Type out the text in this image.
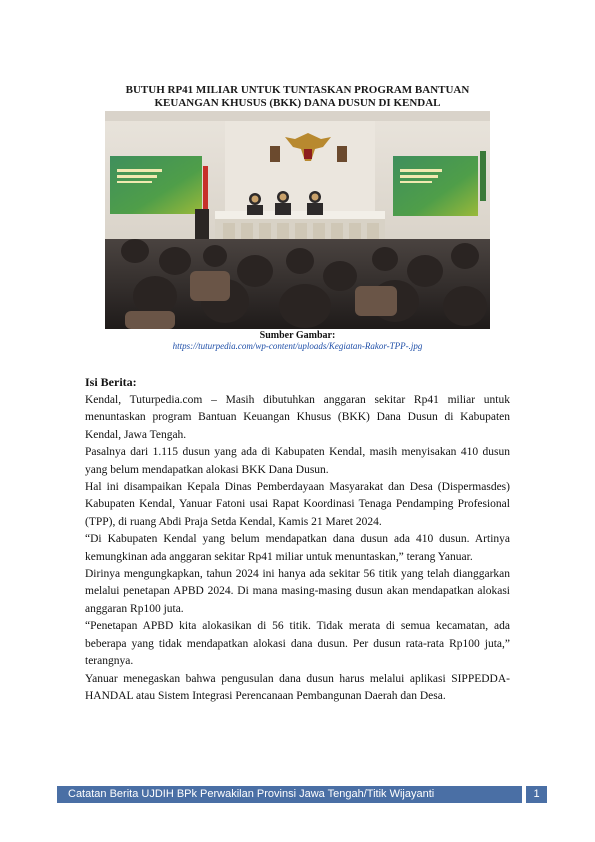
BUTUH RP41 MILIAR UNTUK TUNTASKAN PROGRAM BANTUAN
KEUANGAN KHUSUS (BKK) DANA DUSUN DI KENDAL
Sumber Gambar:
https://tuturpedia.com/wp-content/uploads/Kegiatan-Rakor-TPP-.jpg
Isi Berita:

Kendal, Tuturpedia.com – Masih dibutuhkan anggaran sekitar Rp41 miliar untuk menuntaskan program Bantuan Keuangan Khusus (BKK) Dana Dusun di Kabupaten Kendal, Jawa Tengah.

Pasalnya dari 1.115 dusun yang ada di Kabupaten Kendal, masih menyisakan 410 dusun yang belum mendapatkan alokasi BKK Dana Dusun.

Hal ini disampaikan Kepala Dinas Pemberdayaan Masyarakat dan Desa (Dispermasdes) Kabupaten Kendal, Yanuar Fatoni usai Rapat Koordinasi Tenaga Pendamping Profesional (TPP), di ruang Abdi Praja Setda Kendal, Kamis 21 Maret 2024.

“Di Kabupaten Kendal yang belum mendapatkan dana dusun ada 410 dusun. Artinya kemungkinan ada anggaran sekitar Rp41 miliar untuk menuntaskan,” terang Yanuar.

Dirinya mengungkapkan, tahun 2024 ini hanya ada sekitar 56 titik yang telah dianggarkan melalui penetapan APBD 2024. Di mana masing-masing dusun akan mendapatkan alokasi anggaran Rp100 juta.

“Penetapan APBD kita alokasikan di 56 titik. Tidak merata di semua kecamatan, ada beberapa yang tidak mendapatkan alokasi dana dusun. Per dusun rata-rata Rp100 juta,” terangnya.

Yanuar menegaskan bahwa pengusulan dana dusun harus melalui aplikasi SIPPEDDA-HANDAL atau Sistem Integrasi Perencanaan Pembangunan Daerah dan Desa.

Catatan Berita UJDIH BPk Perwakilan Provinsi Jawa Tengah/Titik Wijayanti	1
